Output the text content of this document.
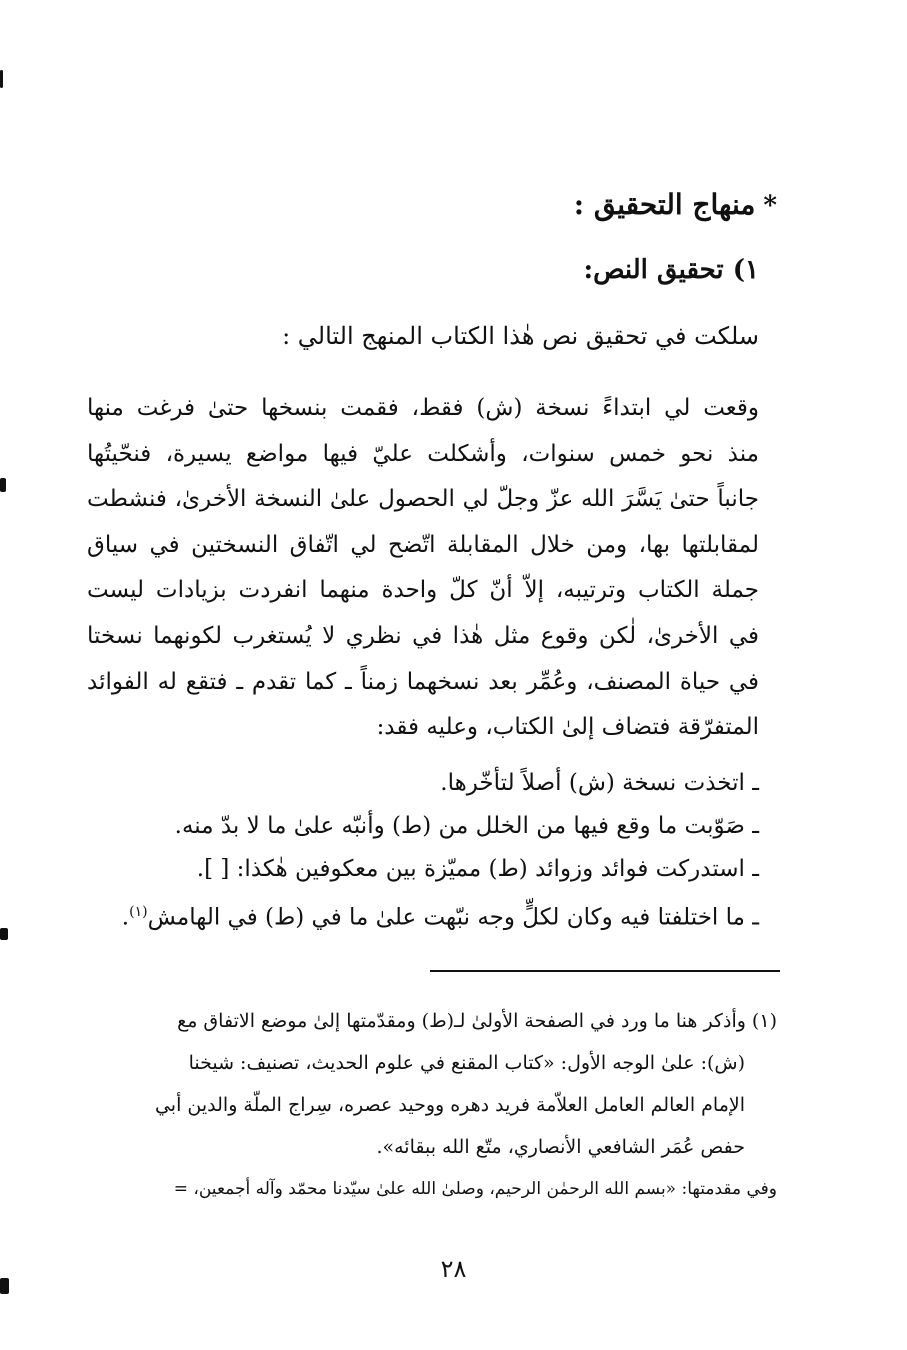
*منهاج التحقيق :
١) تحقيق النص:
سلكت في تحقيق نص هٰذا الكتاب المنهج التالي :

وقعت لي ابتداءً نسخة (ش) فقط، فقمت بنسخها حتىٰ فرغت منها
منذ نحو خمس سنوات، وأشكلت عليّ فيها مواضع يسيرة، فنحّيتُها
جانباً حتىٰ يَسَّرَ الله عزّ وجلّ لي الحصول علىٰ النسخة الأخرىٰ، فنشطت
لمقابلتها بها، ومن خلال المقابلة اتّضح لي اتّفاق النسختين في سياق
جملة الكتاب وترتيبه، إلاّ أنّ كلّ واحدة منهما انفردت بزيادات ليست
في الأخرىٰ، لٰكن وقوع مثل هٰذا في نظري لا يُستغرب لكونهما نسختا
في حياة المصنف، وعُمِّر بعد نسخهما زمناً ـ كما تقدم ـ فتقع له الفوائد
المتفرّقة فتضاف إلىٰ الكتاب، وعليه فقد:

ـ اتخذت نسخة (ش) أصلاً لتأخّرها.
ـ صَوّبت ما وقع فيها من الخلل من (ط) وأنبّه علىٰ ما لا بدّ منه.
ـ استدركت فوائد وزوائد (ط) مميّزة بين معكوفين هٰكذا: [ ].
ـ ما اختلفتا فيه وكان لكلٍّ وجه نبّهت علىٰ ما في (ط) في الهامش$^{(١)}$.
(١) وأذكر هنا ما ورد في الصفحة الأولىٰ لـ(ط) ومقدّمتها إلىٰ موضع الاتفاق مع
(ش): علىٰ الوجه الأول: «كتاب المقنع في علوم الحديث، تصنيف: شيخنا
الإمام العالم العامل العلاّمة فريد دهره ووحيد عصره، سِراج الملّة والدين أبي
حفص عُمَر الشافعي الأنصاري، متّع الله ببقائه».
وفي مقدمتها: «بسم الله الرحمٰن الرحيم، وصلىٰ الله علىٰ سيّدنا محمّد وآله أجمعين، =
٢٨
